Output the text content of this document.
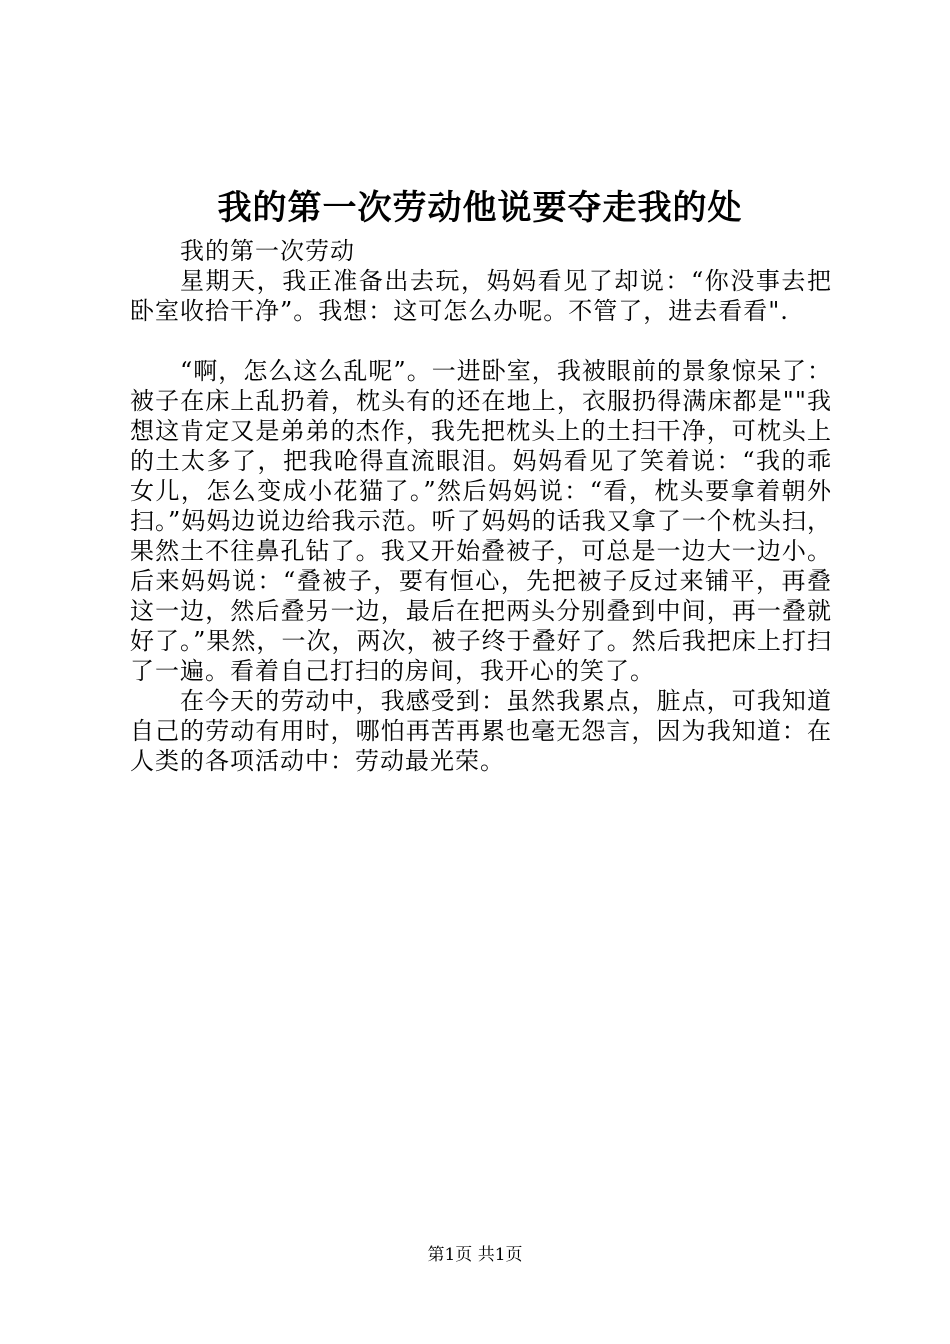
我的第一次劳动他说要夺走我的处

我的第一次劳动

星期天，我正准备出去玩，妈妈看见了却说：“你没事去把卧室收拾干净”。我想：这可怎么办呢。不管了，进去看看".

“啊，怎么这么乱呢”。一进卧室，我被眼前的景象惊呆了：被子在床上乱扔着，枕头有的还在地上，衣服扔得满床都是""我想这肯定又是弟弟的杰作，我先把枕头上的土扫干净，可枕头上的土太多了，把我呛得直流眼泪。妈妈看见了笑着说：“我的乖女儿，怎么变成小花猫了。”然后妈妈说：“看，枕头要拿着朝外扫。”妈妈边说边给我示范。听了妈妈的话我又拿了一个枕头扫，果然土不往鼻孔钻了。我又开始叠被子，可总是一边大一边小。后来妈妈说：“叠被子，要有恒心，先把被子反过来铺平，再叠这一边，然后叠另一边，最后在把两头分别叠到中间，再一叠就好了。”果然，一次，两次，被子终于叠好了。然后我把床上打扫了一遍。看着自己打扫的房间，我开心的笑了。

在今天的劳动中，我感受到：虽然我累点，脏点，可我知道自己的劳动有用时，哪怕再苦再累也毫无怨言，因为我知道：在人类的各项活动中：劳动最光荣。

第1页 共1页
